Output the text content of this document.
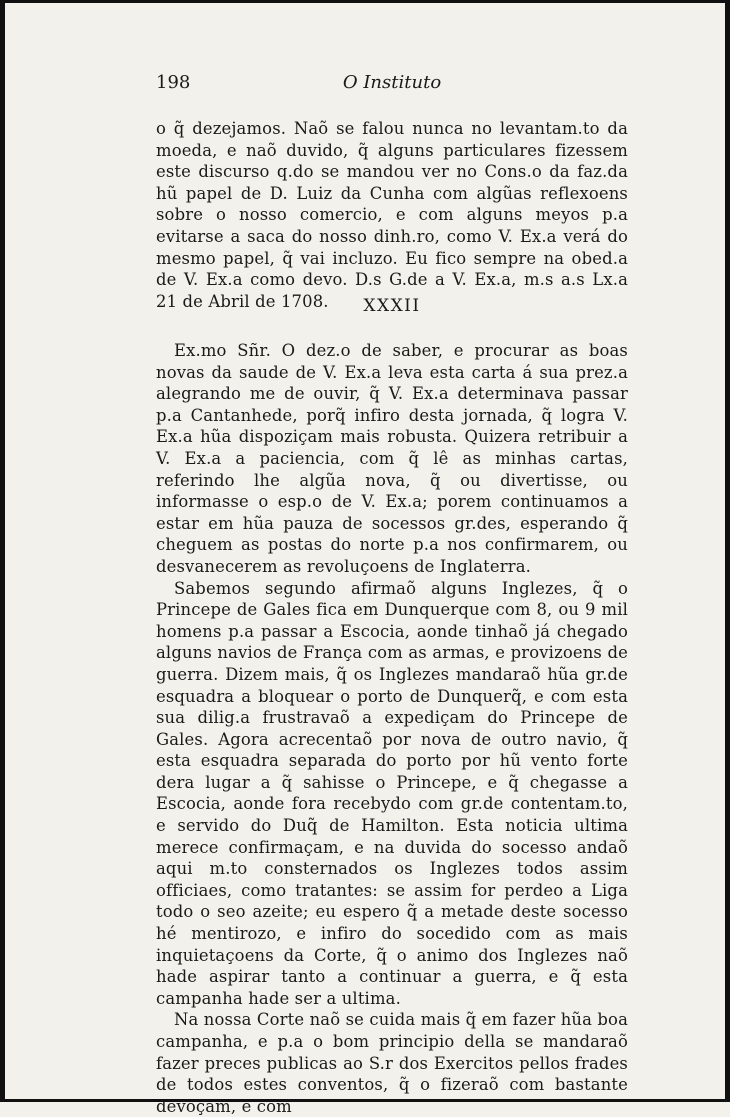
198	O Instituto

o q̃ dezejamos. Naõ se falou nunca no levantam.to da moeda, e naõ duvido, q̃ alguns particulares fizessem este discurso q.do se mandou ver no Cons.o da faz.da hũ papel de D. Luiz da Cunha com algũas reflexoens sobre o nosso comercio, e com alguns meyos p.a evitarse a saca do nosso dinh.ro, como V. Ex.a verá do mesmo papel, q̃ vai incluzo. Eu fico sempre na obed.a de V. Ex.a como devo. D.s G.de a V. Ex.a, m.s a.s Lx.a 21 de Abril de 1708.	XXXII

Ex.mo Sñr. O dez.o de saber, e procurar as boas novas da saude de V. Ex.a leva esta carta á sua prez.a alegrando me de ouvir, q̃ V. Ex.a determinava passar p.a Cantanhede, porq̃ infiro desta jornada, q̃ logra V. Ex.a hũa dispoziçam mais robusta. Quizera retribuir a V. Ex.a a paciencia, com q̃ lê as minhas cartas, referindo lhe algũa nova, q̃ ou divertisse, ou informasse o esp.o de V. Ex.a; porem continuamos a estar em hũa pauza de socessos gr.des, esperando q̃ cheguem as postas do norte p.a nos confirmarem, ou desvanecerem as revoluçoens de Inglaterra.

Sabemos segundo afirmaõ alguns Inglezes, q̃ o Princepe de Gales fica em Dunquerque com 8, ou 9 mil homens p.a passar a Escocia, aonde tinhaõ já chegado alguns navios de França com as armas, e provizoens de guerra. Dizem mais, q̃ os Inglezes mandaraõ hũa gr.de esquadra a bloquear o porto de Dunquerq̃, e com esta sua dilig.a frustravaõ a expediçam do Princepe de Gales. Agora acrecentaõ por nova de outro navio, q̃ esta esquadra separada do porto por hũ vento forte dera lugar a q̃ sahisse o Princepe, e q̃ chegasse a Escocia, aonde fora recebydo com gr.de contentam.to, e servido do Duq̃ de Hamilton. Esta noticia ultima merece confirmaçam, e na duvida do socesso andaõ aqui m.to consternados os Inglezes todos assim officiaes, como tratantes: se assim for perdeo a Liga todo o seo azeite; eu espero q̃ a metade deste socesso hé mentirozo, e infiro do socedido com as mais inquietaçoens da Corte, q̃ o animo dos Inglezes naõ hade aspirar tanto a continuar a guerra, e q̃ esta campanha hade ser a ultima.

Na nossa Corte naõ se cuida mais q̃ em fazer hũa boa campanha, e p.a o bom principio della se mandaraõ fazer preces publicas ao S.r dos Exercitos pellos frades de todos estes conventos, q̃ o fizeraõ com bastante devoçam, e com
